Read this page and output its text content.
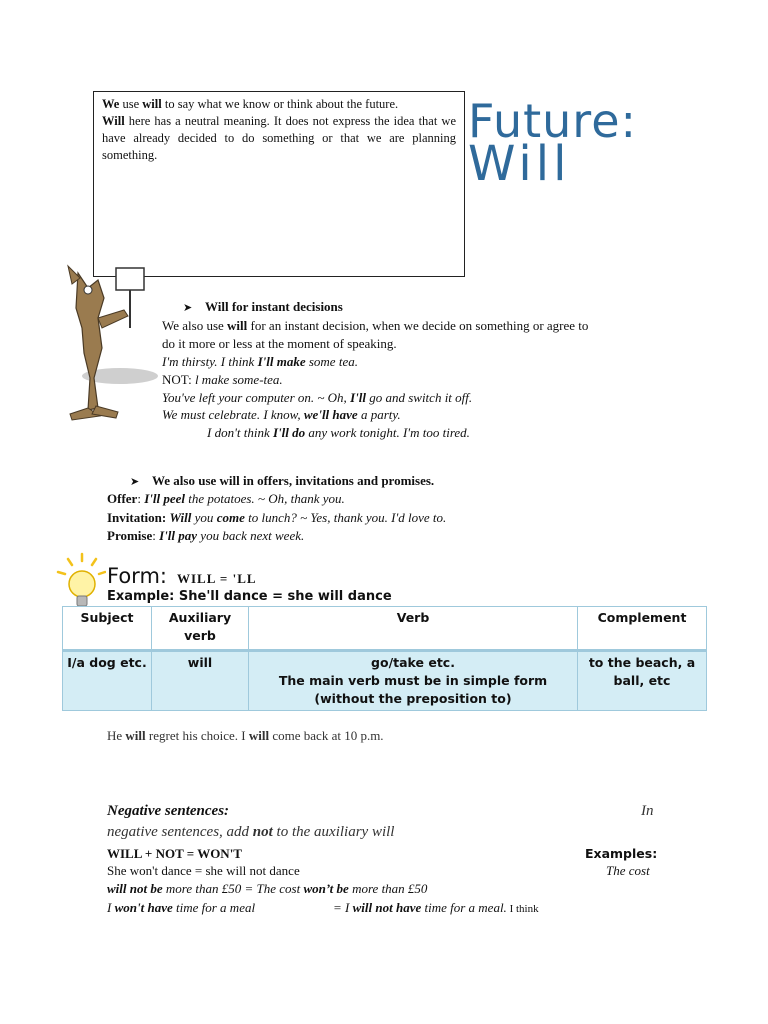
We use will to say what we know or think about the future.
Will here has a neutral meaning. It does not express the idea that we have already decided to do something or that we are planning something.
Future:
Will
➤ Will for instant decisions
We also use will for an instant decision, when we decide on something or agree to
do it more or less at the moment of speaking.
I'm thirsty. I think I'll make some tea.
NOT: l make some-tea.
You've left your computer on. ~ Oh, I'll go and switch it off.
We must celebrate. I know, we'll have a party.
I don't think I'll do any work tonight. I'm too tired.
➤ We also use will in offers, invitations and promises.
Offer: I'll peel the potatoes. ~ Oh, thank you.
Invitation: Will you come to lunch? ~ Yes, thank you. I'd love to.
Promise: I'll pay you back next week.
Form: WILL = 'LL
Example: She'll dance = she will dance
Subject	Auxiliary verb	Verb	Complement
I/a dog etc.	will	go/take etc.
The main verb must be in simple form (without the preposition to)	to the beach, a ball, etc
He will regret his choice. I will come back at 10 p.m.
Negative sentences:	In
negative sentences, add not to the auxiliary will
WILL + NOT = WON'T	Examples:
She won't dance = she will not dance	The cost
will not be more than £50 = The cost won’t be more than £50
I won't have time for a meal	= I will not have time for a meal. I think
